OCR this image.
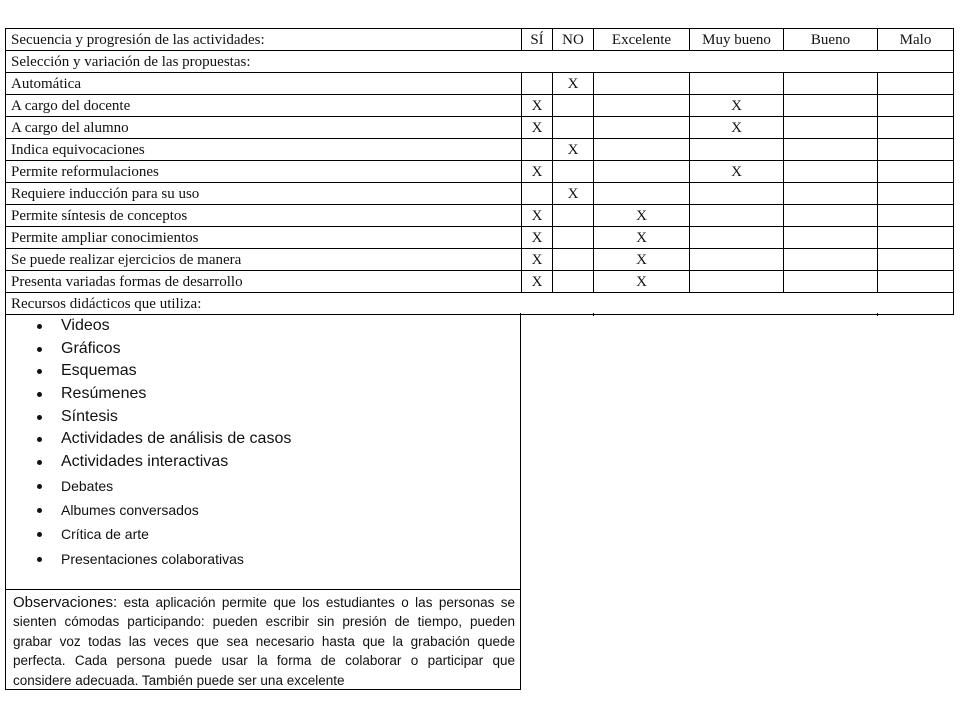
Secuencia y progresión de las actividades:	SÍ	NO	Excelente	Muy bueno	Bueno	Malo
Selección y variación de las propuestas:						
Automática		X				
A cargo del docente	X			X		
A cargo del alumno	X			X		
Indica equivocaciones		X				
Permite reformulaciones	X			X		
Requiere inducción para su uso		X				
Permite síntesis de conceptos	X		X			
Permite ampliar conocimientos	X		X			
Se puede realizar ejercicios de manera	X		X			
Presenta variadas formas de desarrollo	X		X			
Recursos didácticos que utiliza:						
Videos
Gráficos
Esquemas
Resúmenes
Síntesis
Actividades de análisis de casos
Actividades interactivas
Debates
Albumes conversados
Crítica de arte
Presentaciones colaborativas
Observaciones: esta aplicación permite que los estudiantes o las personas se sienten cómodas participando: pueden escribir sin presión de tiempo, pueden grabar voz todas las veces que sea necesario hasta que la grabación quede perfecta. Cada persona puede usar la forma de colaborar o participar que considere adecuada. También puede ser una excelente
